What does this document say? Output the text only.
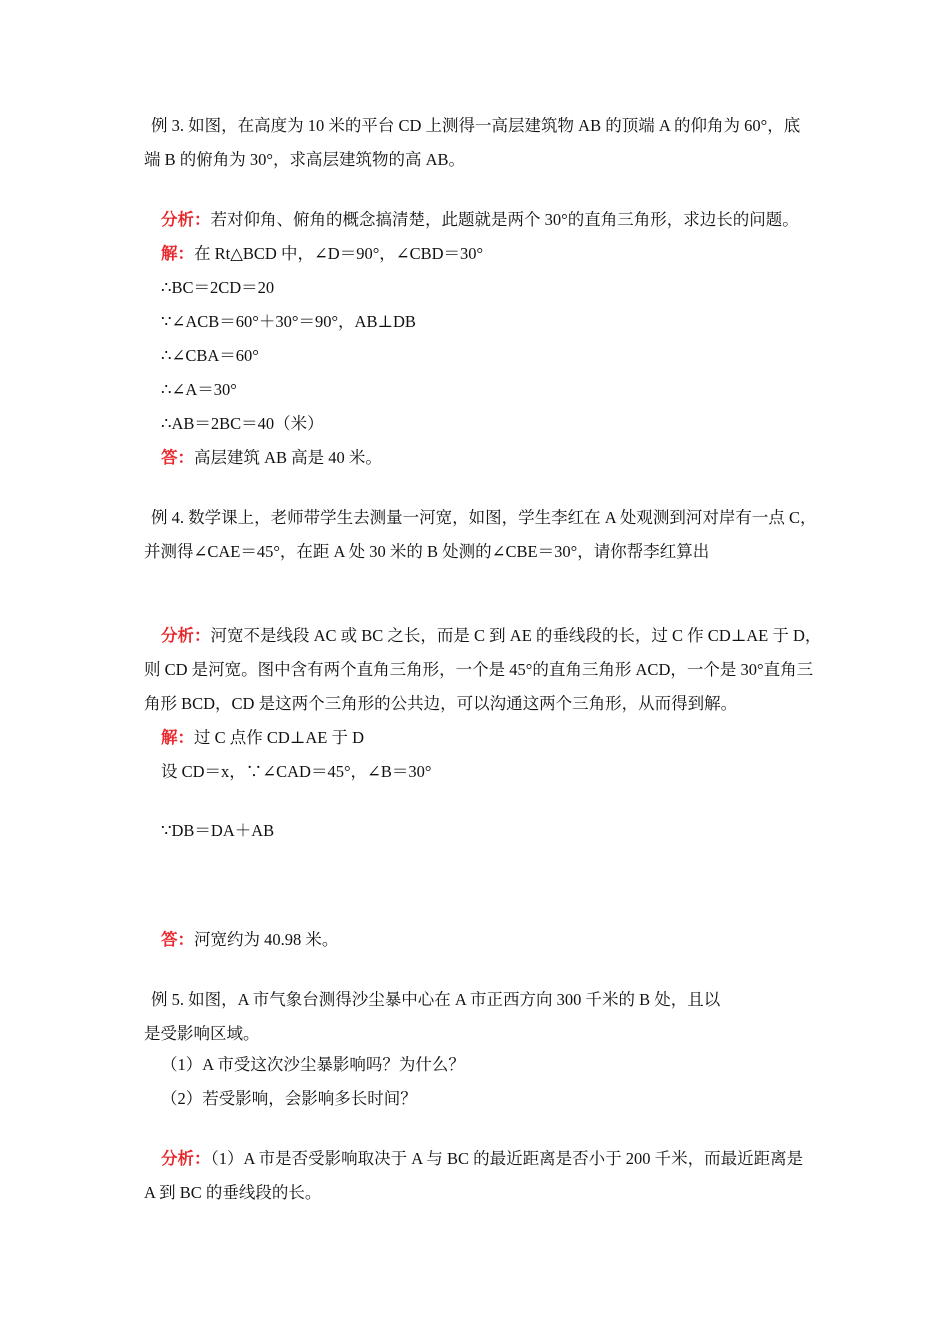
例 3. 如图，在高度为 10 米的平台 CD 上测得一高层建筑物 AB 的顶端 A 的仰角为 60°，底
端 B 的俯角为 30°，求高层建筑物的高 AB。
分析：若对仰角、俯角的概念搞清楚，此题就是两个 30°的直角三角形，求边长的问题。
解：在 Rt△BCD 中，∠D＝90°，∠CBD＝30°
∴BC＝2CD＝20
∵∠ACB＝60°＋30°＝90°，AB⊥DB
∴∠CBA＝60°
∴∠A＝30°
∴AB＝2BC＝40（米）
答：高层建筑 AB 高是 40 米。
例 4. 数学课上，老师带学生去测量一河宽，如图，学生李红在 A 处观测到河对岸有一点 C，
并测得∠CAE＝45°，在距 A 处 30 米的 B 处测的∠CBE＝30°，请你帮李红算出
分析：河宽不是线段 AC 或 BC 之长，而是 C 到 AE 的垂线段的长，过 C 作 CD⊥AE 于 D，
则 CD 是河宽。图中含有两个直角三角形，一个是 45°的直角三角形 ACD，一个是 30°直角三
角形 BCD，CD 是这两个三角形的公共边，可以沟通这两个三角形，从而得到解。
解：过 C 点作 CD⊥AE 于 D
设 CD＝x，∵∠CAD＝45°，∠B＝30°
∵DB＝DA＋AB
答：河宽约为 40.98 米。
例 5. 如图，A 市气象台测得沙尘暴中心在 A 市正西方向 300 千米的 B 处，且以
是受影响区域。
（1）A 市受这次沙尘暴影响吗？为什么？
（2）若受影响，会影响多长时间？
分析：（1）A 市是否受影响取决于 A 与 BC 的最近距离是否小于 200 千米，而最近距离是
A 到 BC 的垂线段的长。
